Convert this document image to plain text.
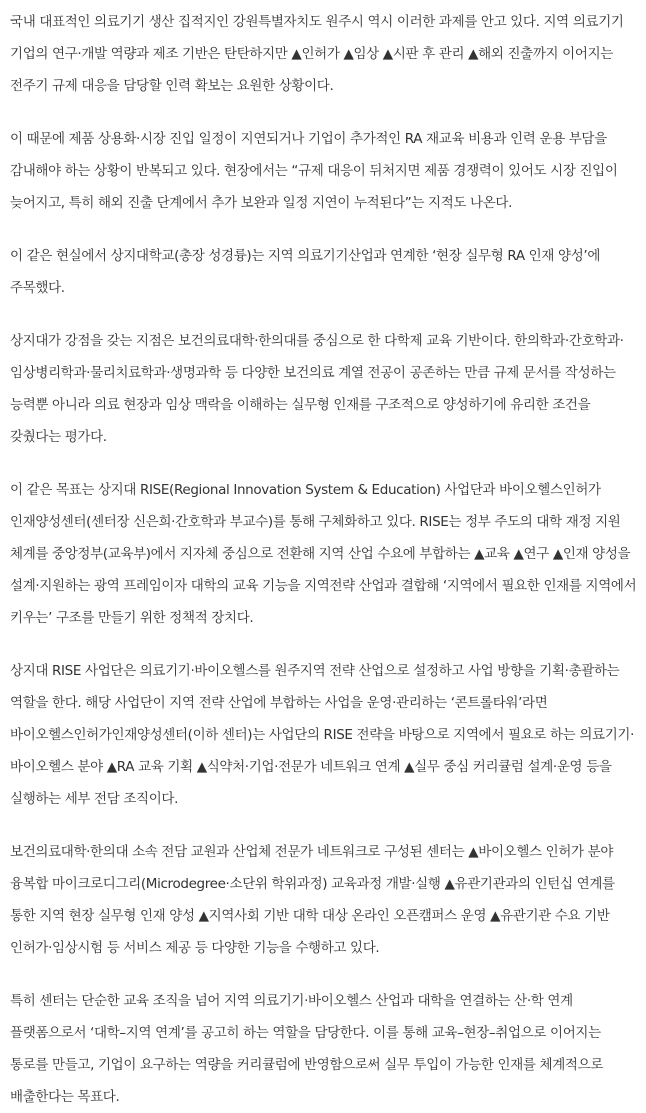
국내 대표적인 의료기기 생산 집적지인 강원특별자치도 원주시 역시 이러한 과제를 안고 있다. 지역 의료기기 기업의 연구·개발 역량과 제조 기반은 탄탄하지만 ▲인허가 ▲임상 ▲시판 후 관리 ▲해외 진출까지 이어지는 전주기 규제 대응을 담당할 인력 확보는 요원한 상황이다.

이 때문에 제품 상용화·시장 진입 일정이 지연되거나 기업이 추가적인 RA 재교육 비용과 인력 운용 부담을 감내해야 하는 상황이 반복되고 있다. 현장에서는 “규제 대응이 뒤처지면 제품 경쟁력이 있어도 시장 진입이 늦어지고, 특히 해외 진출 단계에서 추가 보완과 일정 지연이 누적된다”는 지적도 나온다.

이 같은 현실에서 상지대학교(총장 성경륭)는 지역 의료기기산업과 연계한 ‘현장 실무형 RA 인재 양성’에 주목했다.

상지대가 강점을 갖는 지점은 보건의료대학·한의대를 중심으로 한 다학제 교육 기반이다. 한의학과·간호학과·임상병리학과·물리치료학과·생명과학 등 다양한 보건의료 계열 전공이 공존하는 만큼 규제 문서를 작성하는 능력뿐 아니라 의료 현장과 임상 맥락을 이해하는 실무형 인재를 구조적으로 양성하기에 유리한 조건을 갖췄다는 평가다.

이 같은 목표는 상지대 RISE(Regional Innovation System & Education) 사업단과 바이오헬스인허가 인재양성센터(센터장 신은희·간호학과 부교수)를 통해 구체화하고 있다. RISE는 정부 주도의 대학 재정 지원 체계를 중앙정부(교육부)에서 지자체 중심으로 전환해 지역 산업 수요에 부합하는 ▲교육 ▲연구 ▲인재 양성을 설계·지원하는 광역 프레임이자 대학의 교육 기능을 지역전략 산업과 결합해 ‘지역에서 필요한 인재를 지역에서 키우는’ 구조를 만들기 위한 정책적 장치다.

상지대 RISE 사업단은 의료기기·바이오헬스를 원주지역 전략 산업으로 설정하고 사업 방향을 기획·총괄하는 역할을 한다. 해당 사업단이 지역 전략 산업에 부합하는 사업을 운영·관리하는 ‘콘트롤타워’라면 바이오헬스인허가인재양성센터(이하 센터)는 사업단의 RISE 전략을 바탕으로 지역에서 필요로 하는 의료기기·바이오헬스 분야 ▲RA 교육 기획 ▲식약처·기업·전문가 네트워크 연계 ▲실무 중심 커리큘럼 설계·운영 등을 실행하는 세부 전담 조직이다.

보건의료대학·한의대 소속 전담 교원과 산업체 전문가 네트워크로 구성된 센터는 ▲바이오헬스 인허가 분야 융복합 마이크로디그리(Microdegree·소단위 학위과정) 교육과정 개발·실행 ▲유관기관과의 인턴십 연계를 통한 지역 현장 실무형 인재 양성 ▲지역사회 기반 대학 대상 온라인 오픈캠퍼스 운영 ▲유관기관 수요 기반 인허가·임상시험 등 서비스 제공 등 다양한 기능을 수행하고 있다.

특히 센터는 단순한 교육 조직을 넘어 지역 의료기기·바이오헬스 산업과 대학을 연결하는 산·학 연계 플랫폼으로서 ‘대학–지역 연계’를 공고히 하는 역할을 담당한다. 이를 통해 교육–현장–취업으로 이어지는 통로를 만들고, 기업이 요구하는 역량을 커리큘럼에 반영함으로써 실무 투입이 가능한 인재를 체계적으로 배출한다는 목표다.
